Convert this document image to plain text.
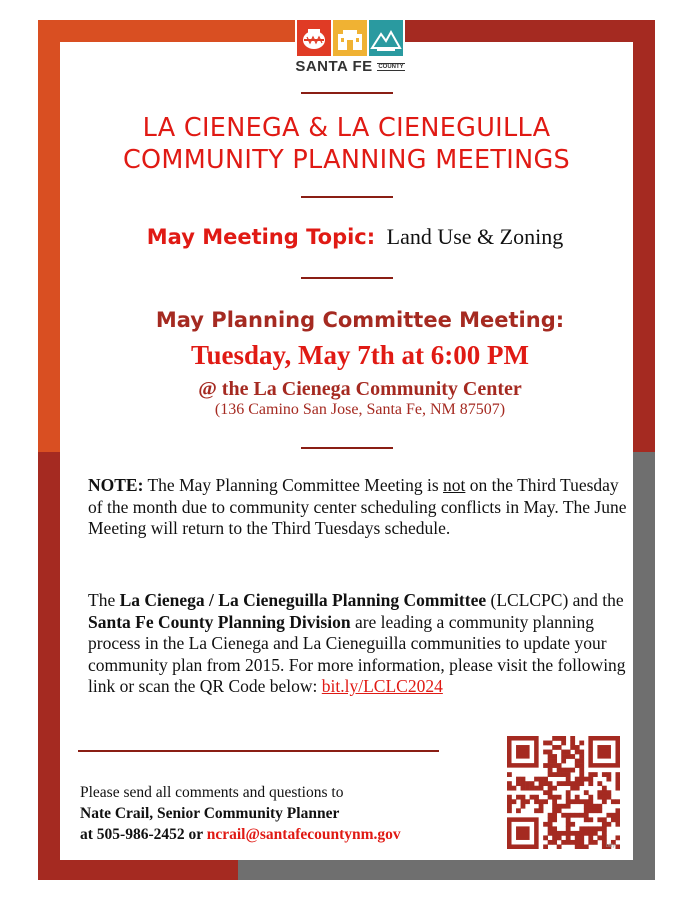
SANTA FE COUNTY
LA CIENEGA & LA CIENEGUILLA
COMMUNITY PLANNING MEETINGS
May Meeting Topic: Land Use & Zoning
May Planning Committee Meeting:
Tuesday, May 7th at 6:00 PM
@ the La Cienega Community Center
(136 Camino San Jose, Santa Fe, NM 87507)
NOTE: The May Planning Committee Meeting is not on the Third Tuesday of the month due to community center scheduling conflicts in May. The June Meeting will return to the Third Tuesdays schedule.
The La Cienega / La Cieneguilla Planning Committee (LCLCPC) and the Santa Fe County Planning Division are leading a community planning process in the La Cienega and La Cieneguilla communities to update your community plan from 2015. For more information, please visit the following link or scan the QR Code below: bit.ly/LCLC2024
Please send all comments and questions to
Nate Crail, Senior Community Planner
at 505-986-2452 or ncrail@santafecountynm.gov
bitly
